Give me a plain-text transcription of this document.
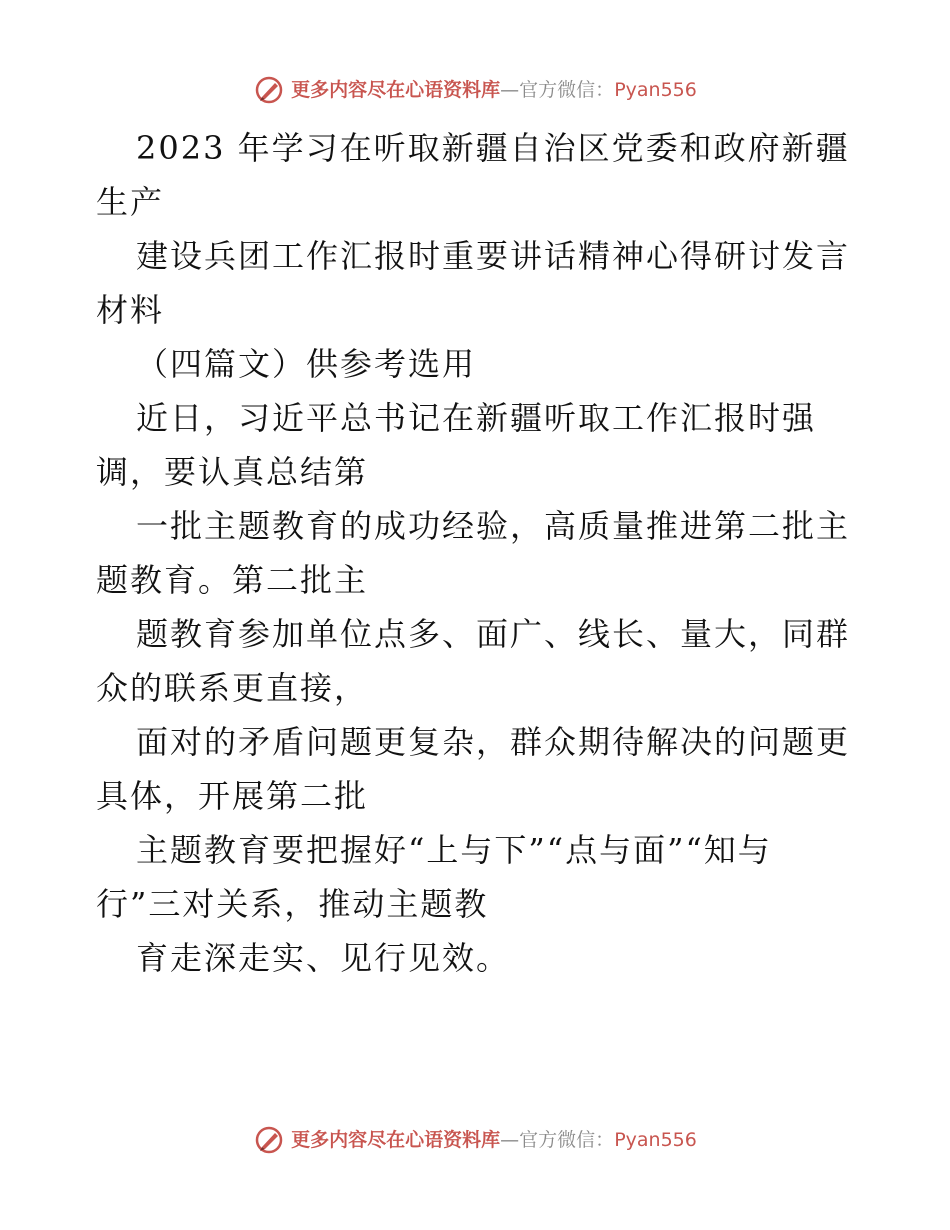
更多内容尽在心语资料库 — 官方微信： Pyan556
2023 年学习在听取新疆自治区党委和政府新疆
生产
建设兵团工作汇报时重要讲话精神心得研讨发言
材料
（四篇文）供参考选用
近日，习近平总书记在新疆听取工作汇报时强
调，要认真总结第
一批主题教育的成功经验，高质量推进第二批主
题教育。第二批主
题教育参加单位点多、面广、线长、量大，同群
众的联系更直接，
面对的矛盾问题更复杂，群众期待解决的问题更
具体，开展第二批
主题教育要把握好“上与下”“点与面”“知与
行”三对关系，推动主题教
育走深走实、见行见效。
更多内容尽在心语资料库 — 官方微信： Pyan556
